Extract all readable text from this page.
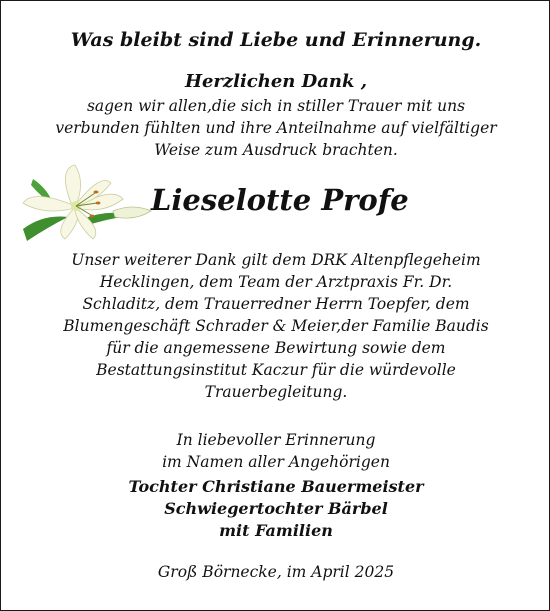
Was bleibt sind Liebe und Erinnerung.
Herzlichen Dank ,
sagen wir allen,die sich in stiller Trauer mit uns
verbunden fühlten und ihre Anteilnahme auf vielfältiger
Weise zum Ausdruck brachten.
Lieselotte Profe
Unser weiterer Dank gilt dem DRK Altenpflegeheim
Hecklingen, dem Team der Arztpraxis Fr. Dr.
Schladitz, dem Trauerredner Herrn Toepfer, dem
Blumengeschäft Schrader & Meier,der Familie Baudis
für die angemessene Bewirtung sowie dem
Bestattungsinstitut Kaczur für die würdevolle
Trauerbegleitung.
In liebevoller Erinnerung
im Namen aller Angehörigen
Tochter Christiane Bauermeister
Schwiegertochter Bärbel
mit Familien
Groß Börnecke, im April 2025
